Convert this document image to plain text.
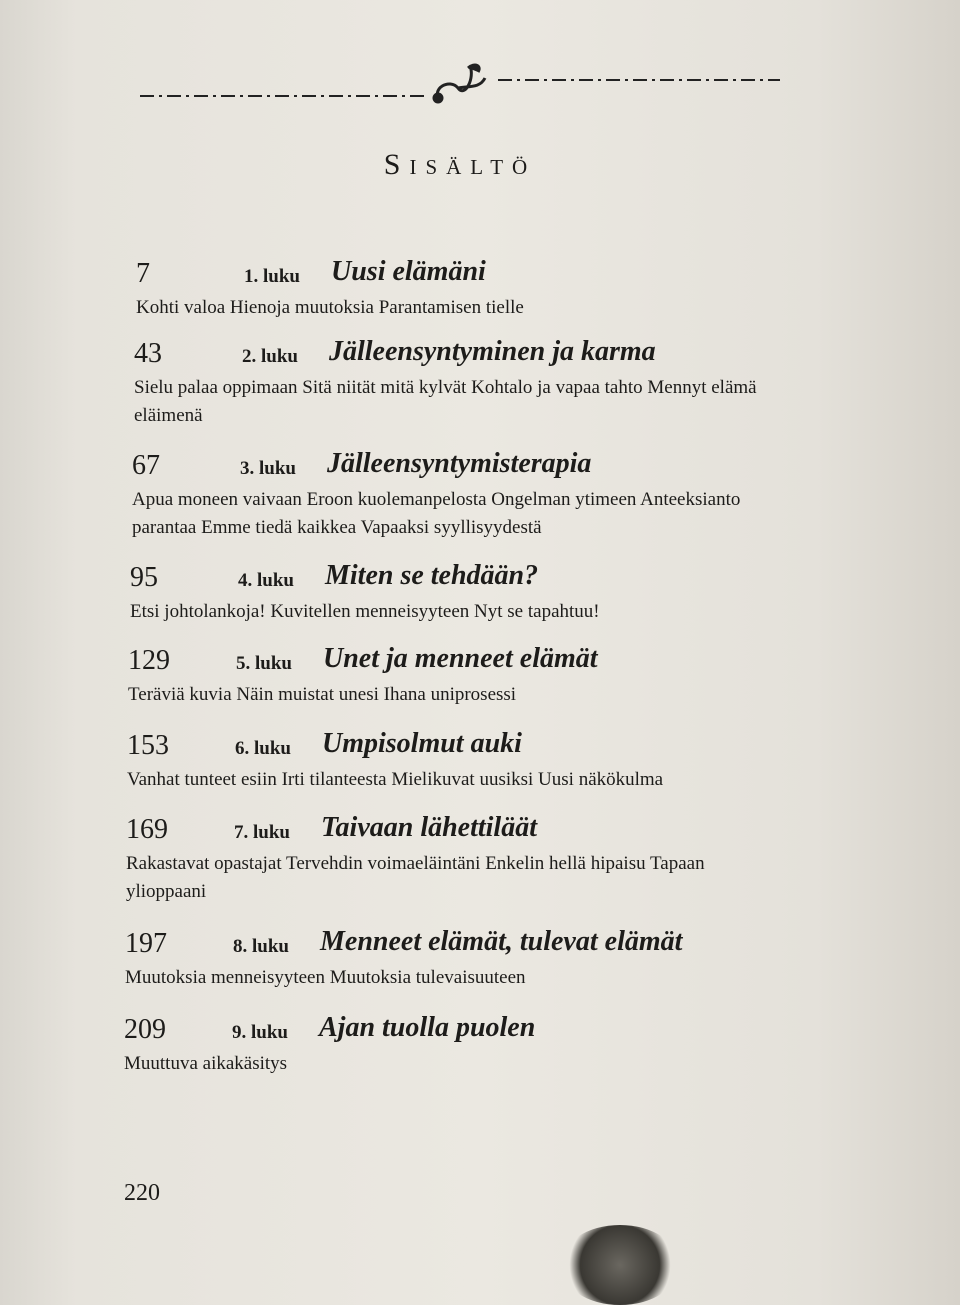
Sisältö
7	1. luku Uusi elämäni
Kohti valoa Hienoja muutoksia Parantamisen tielle
43	2. luku Jälleensyntyminen ja karma
Sielu palaa oppimaan Sitä niität mitä kylvät Kohtalo ja vapaa tahto Mennyt elämä eläimenä
67	3. luku Jälleensyntymisterapia
Apua moneen vaivaan Eroon kuolemanpelosta Ongelman ytimeen Anteeksianto parantaa Emme tiedä kaikkea Vapaaksi syyllisyydestä
95	4. luku Miten se tehdään?
Etsi johtolankoja! Kuvitellen menneisyyteen Nyt se tapahtuu!
129	5. luku Unet ja menneet elämät
Teräviä kuvia Näin muistat unesi Ihana uniprosessi
153	6. luku Umpisolmut auki
Vanhat tunteet esiin Irti tilanteesta Mielikuvat uusiksi Uusi näkökulma
169	7. luku Taivaan lähettiläät
Rakastavat opastajat Tervehdin voimaeläintäni Enkelin hellä hipaisu Tapaan ylioppaani
197	8. luku Menneet elämät, tulevat elämät
Muutoksia menneisyyteen Muutoksia tulevaisuuteen
209	9. luku Ajan tuolla puolen
Muuttuva aikakäsitys
220
